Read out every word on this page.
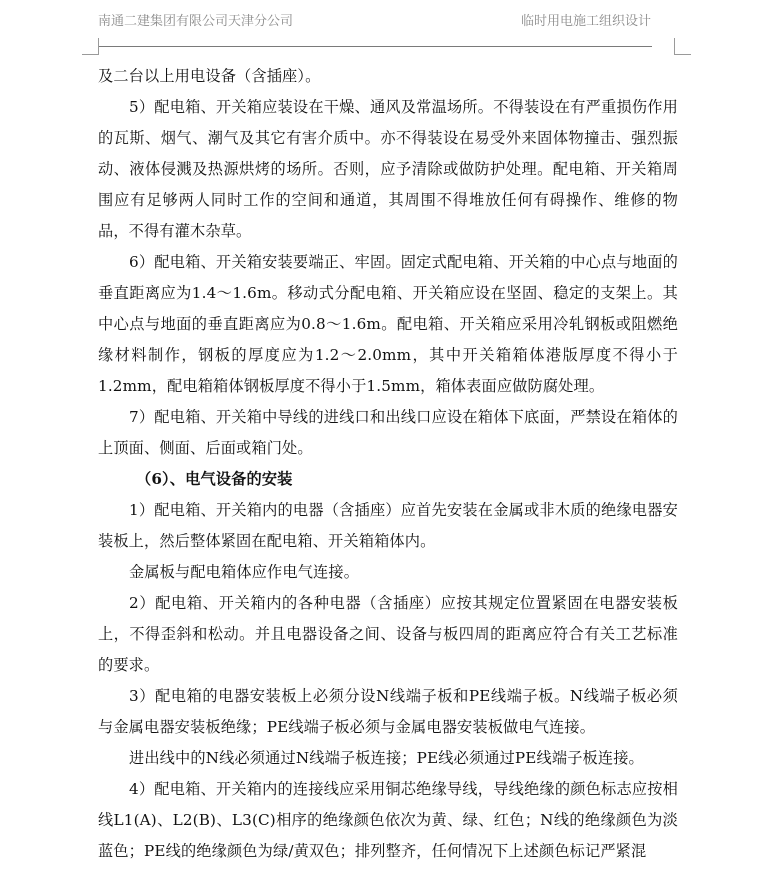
南通二建集团有限公司天津分公司	临时用电施工组织设计

及二台以上用电设备（含插座）。

5）配电箱、开关箱应装设在干燥、通风及常温场所。不得装设在有严重损伤作用的瓦斯、烟气、潮气及其它有害介质中。亦不得装设在易受外来固体物撞击、强烈振动、液体侵溅及热源烘烤的场所。否则，应予清除或做防护处理。配电箱、开关箱周围应有足够两人同时工作的空间和通道，其周围不得堆放任何有碍操作、维修的物品，不得有灌木杂草。

6）配电箱、开关箱安装要端正、牢固。固定式配电箱、开关箱的中心点与地面的垂直距离应为1.4～1.6m。移动式分配电箱、开关箱应设在坚固、稳定的支架上。其中心点与地面的垂直距离应为0.8～1.6m。配电箱、开关箱应采用冷轧钢板或阻燃绝缘材料制作，钢板的厚度应为1.2～2.0mm，其中开关箱箱体港版厚度不得小于1.2mm，配电箱箱体钢板厚度不得小于1.5mm，箱体表面应做防腐处理。

7）配电箱、开关箱中导线的进线口和出线口应设在箱体下底面，严禁设在箱体的上顶面、侧面、后面或箱门处。

（6）、电气设备的安装

1）配电箱、开关箱内的电器（含插座）应首先安装在金属或非木质的绝缘电器安装板上，然后整体紧固在配电箱、开关箱箱体内。

金属板与配电箱体应作电气连接。

2）配电箱、开关箱内的各种电器（含插座）应按其规定位置紧固在电器安装板上，不得歪斜和松动。并且电器设备之间、设备与板四周的距离应符合有关工艺标准的要求。

3）配电箱的电器安装板上必须分设N线端子板和PE线端子板。N线端子板必须与金属电器安装板绝缘；PE线端子板必须与金属电器安装板做电气连接。

进出线中的N线必须通过N线端子板连接；PE线必须通过PE线端子板连接。

4）配电箱、开关箱内的连接线应采用铜芯绝缘导线，导线绝缘的颜色标志应按相线L1(A)、L2(B)、L3(C)相序的绝缘颜色依次为黄、绿、红色；N线的绝缘颜色为淡蓝色；PE线的绝缘颜色为绿/黄双色；排列整齐，任何情况下上述颜色标记严紧混
